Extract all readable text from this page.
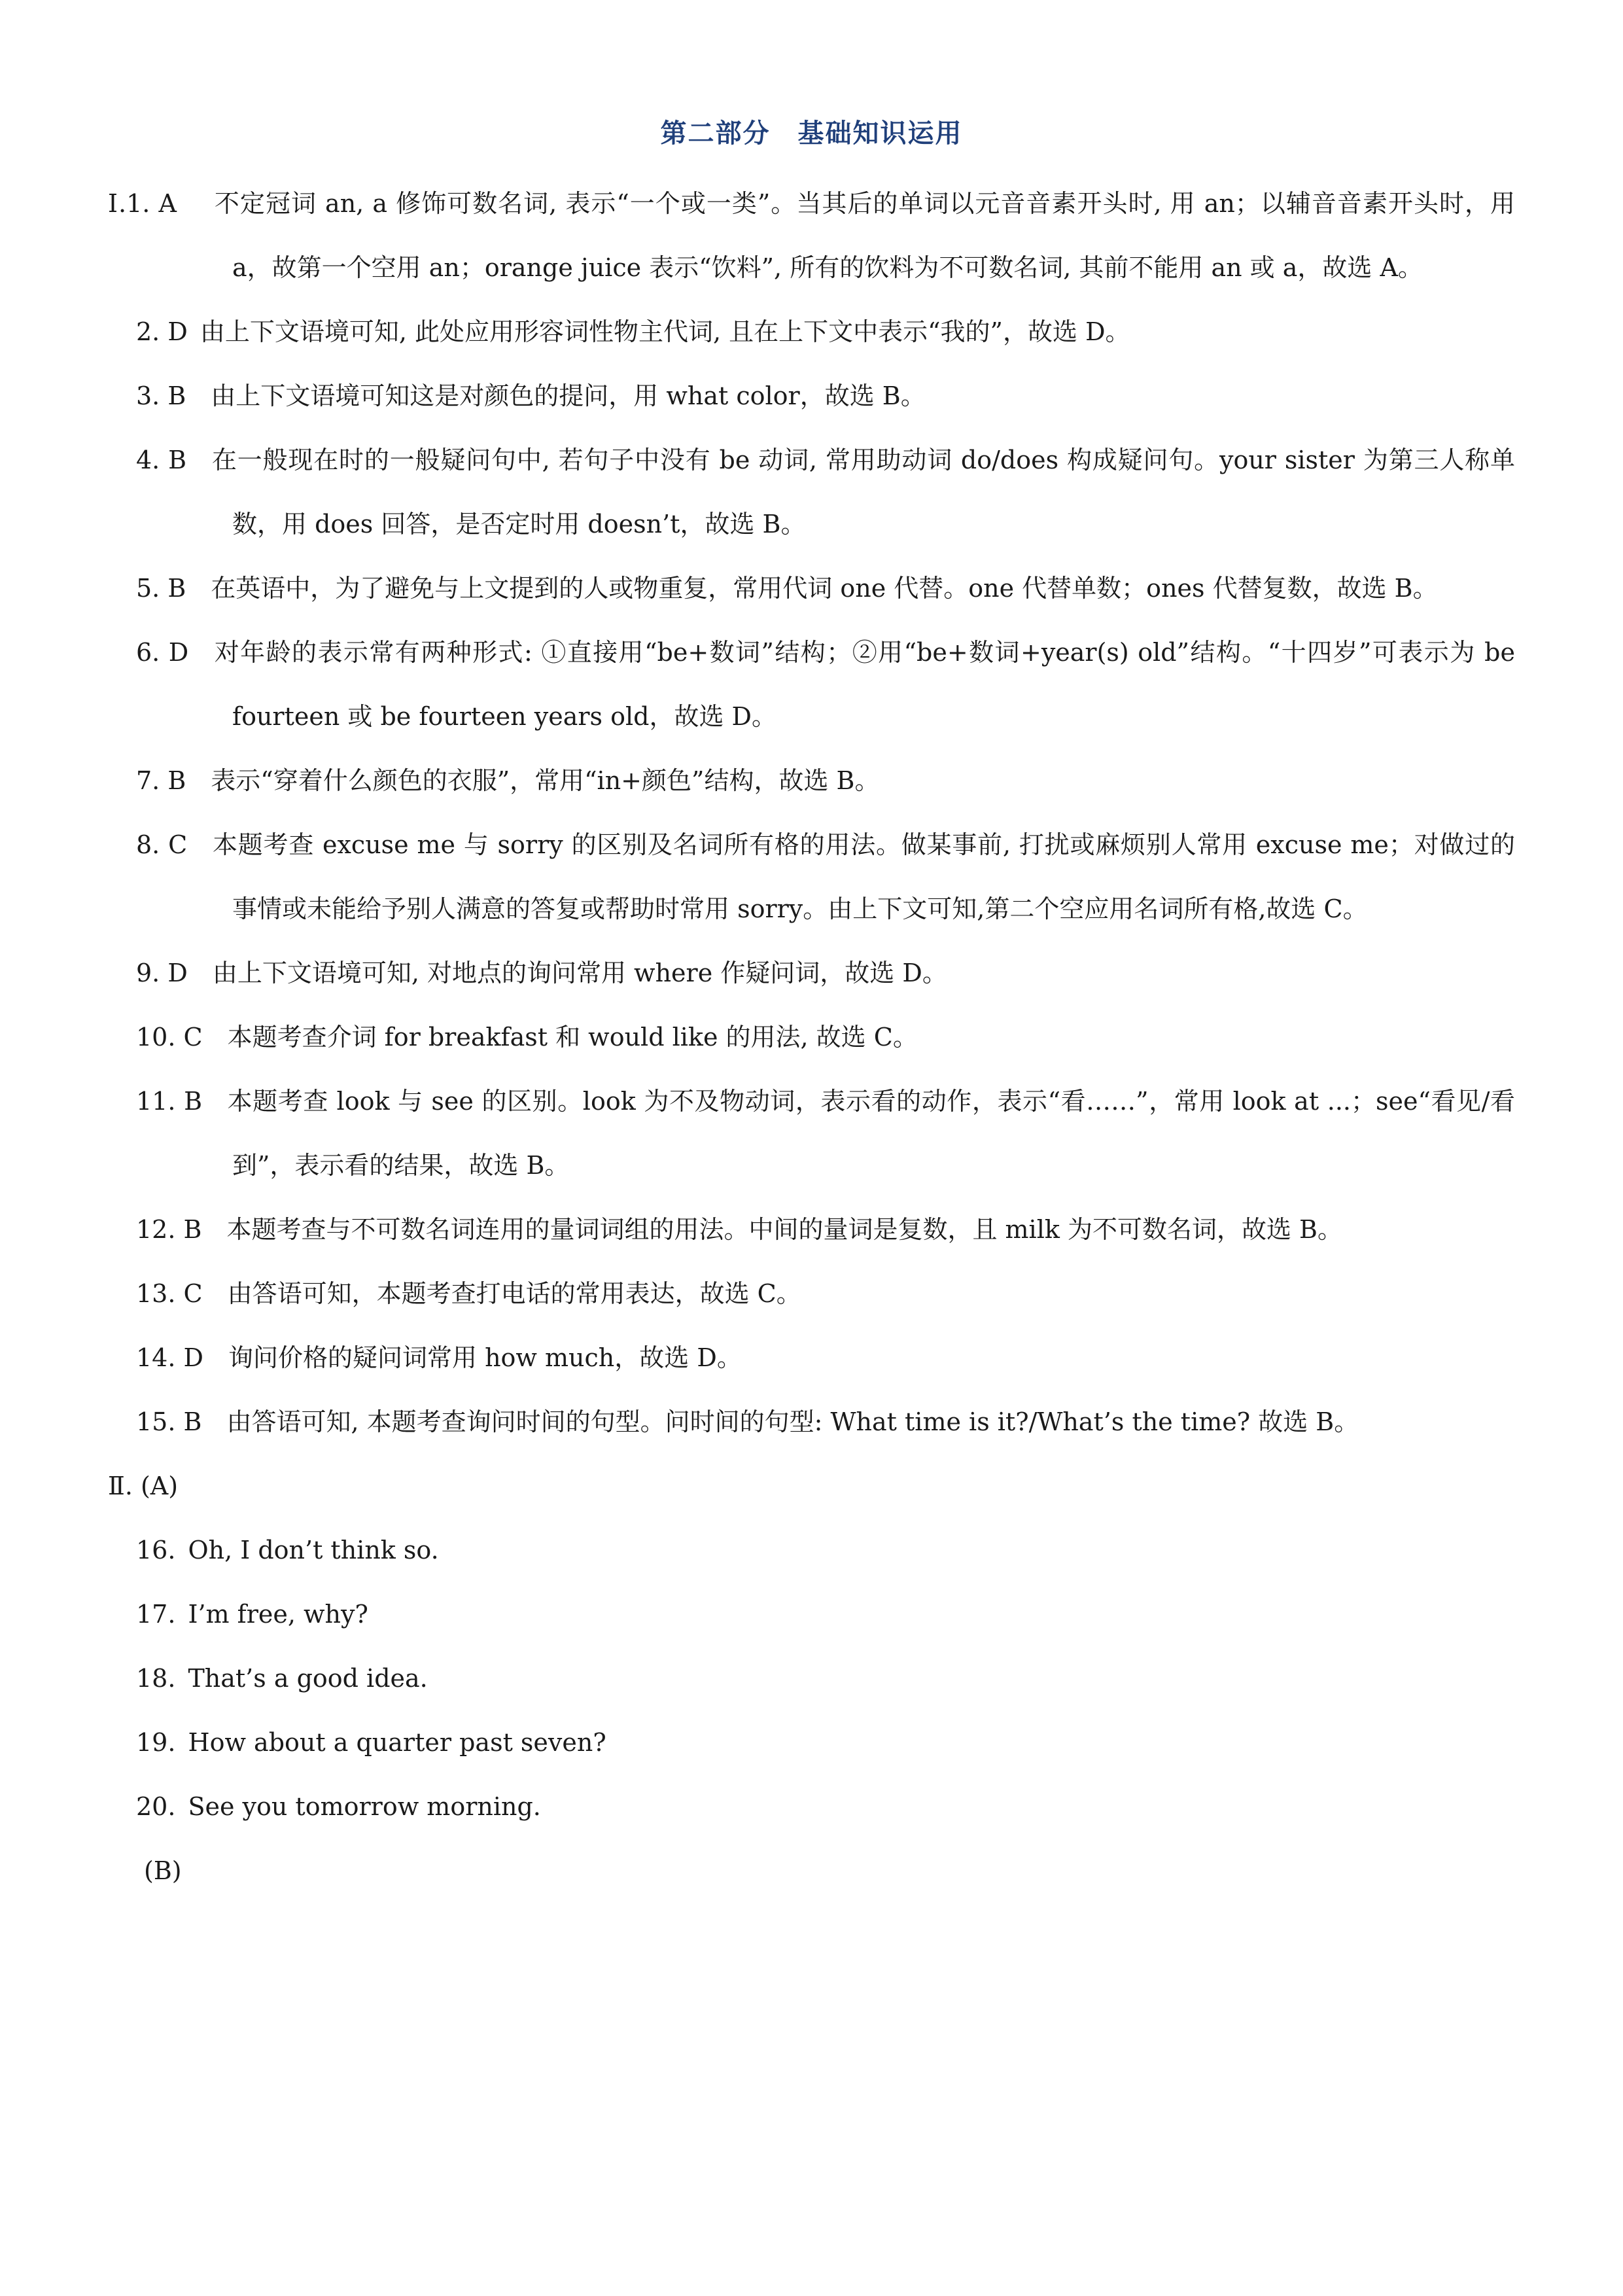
第二部分　基础知识运用
Ⅰ.1. A   不定冠词 an, a 修饰可数名词, 表示“一个或一类”。当其后的单词以元音音素开头时, 用 an；以辅音音素开头时，用 a，故第一个空用 an；orange juice 表示“饮料”, 所有的饮料为不可数名词, 其前不能用 an 或 a，故选 A。
2. D  由上下文语境可知, 此处应用形容词性物主代词, 且在上下文中表示“我的”，故选 D。
3. B  由上下文语境可知这是对颜色的提问，用 what color，故选 B。
4. B  在一般现在时的一般疑问句中, 若句子中没有 be 动词, 常用助动词 do/does 构成疑问句。your sister 为第三人称单数，用 does 回答，是否定时用 doesn’t，故选 B。
5. B  在英语中，为了避免与上文提到的人或物重复，常用代词 one 代替。one 代替单数；ones 代替复数，故选 B。
6. D  对年龄的表示常有两种形式: ①直接用“be+数词”结构；②用“be+数词+year(s) old”结构。“十四岁”可表示为 be fourteen 或 be fourteen years old，故选 D。
7. B  表示“穿着什么颜色的衣服”，常用“in+颜色”结构，故选 B。
8. C  本题考查 excuse me 与 sorry 的区别及名词所有格的用法。做某事前, 打扰或麻烦别人常用 excuse me；对做过的事情或未能给予别人满意的答复或帮助时常用 sorry。由上下文可知,第二个空应用名词所有格,故选 C。
9. D  由上下文语境可知, 对地点的询问常用 where 作疑问词，故选 D。
10. C  本题考查介词 for breakfast 和 would like 的用法, 故选 C。
11. B  本题考查 look 与 see 的区别。look 为不及物动词，表示看的动作，表示“看……”，常用 look at ...；see“看见/看到”，表示看的结果，故选 B。
12. B  本题考查与不可数名词连用的量词词组的用法。中间的量词是复数，且 milk 为不可数名词，故选 B。
13. C  由答语可知，本题考查打电话的常用表达，故选 C。
14. D  询问价格的疑问词常用 how much，故选 D。
15. B  由答语可知, 本题考查询问时间的句型。问时间的句型: What time is it?/What’s the time? 故选 B。
Ⅱ. (A)
16.  Oh, I don’t think so.
17.  I’m free, why?
18.  That’s a good idea.
19.  How about a quarter past seven?
20.  See you tomorrow morning.
(B)
